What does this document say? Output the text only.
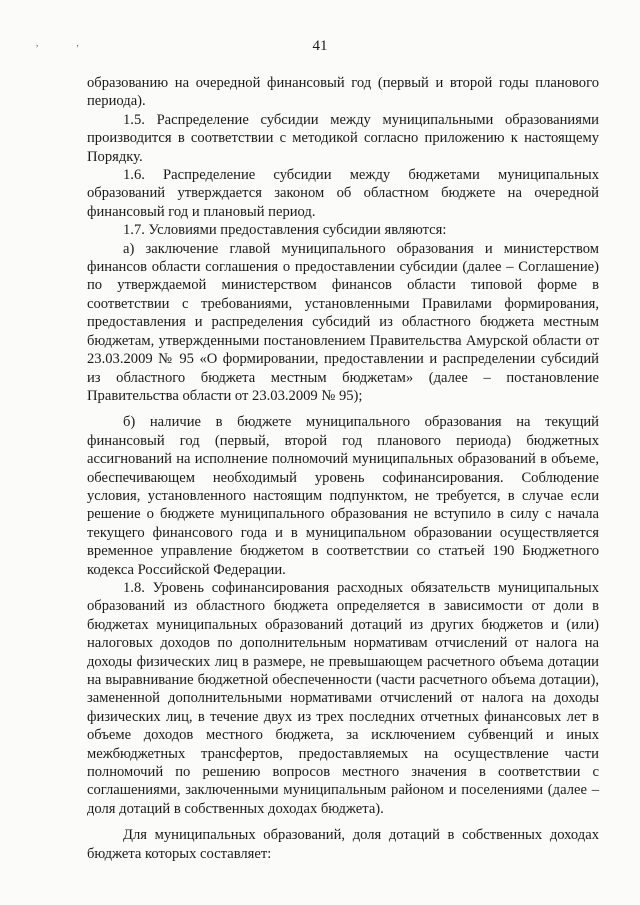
, ,	41

образованию на очередной финансовый год (первый и второй годы планового периода).

1.5. Распределение субсидии между муниципальными образованиями производится в соответствии с методикой согласно приложению к настоящему Порядку.

1.6. Распределение субсидии между бюджетами муниципальных образований утверждается законом об областном бюджете на очередной финансовый год и плановый период.

1.7. Условиями предоставления субсидии являются:

а) заключение главой муниципального образования и министерством финансов области соглашения о предоставлении субсидии (далее – Соглашение) по утверждаемой министерством финансов области типовой форме в соответствии с требованиями, установленными Правилами формирования, предоставления и распределения субсидий из областного бюджета местным бюджетам, утвержденными постановлением Правительства Амурской области от 23.03.2009 № 95 «О формировании, предоставлении и распределении субсидий из областного бюджета местным бюджетам» (далее – постановление Правительства области от 23.03.2009 № 95);

б) наличие в бюджете муниципального образования на текущий финансовый год (первый, второй год планового периода) бюджетных ассигнований на исполнение полномочий муниципальных образований в объеме, обеспечивающем необходимый уровень софинансирования. Соблюдение условия, установленного настоящим подпунктом, не требуется, в случае если решение о бюджете муниципального образования не вступило в силу с начала текущего финансового года и в муниципальном образовании осуществляется временное управление бюджетом в соответствии со статьей 190 Бюджетного кодекса Российской Федерации.

1.8. Уровень софинансирования расходных обязательств муниципальных образований из областного бюджета определяется в зависимости от доли в бюджетах муниципальных образований дотаций из других бюджетов и (или) налоговых доходов по дополнительным нормативам отчислений от налога на доходы физических лиц в размере, не превышающем расчетного объема дотации на выравнивание бюджетной обеспеченности (части расчетного объема дотации), замененной дополнительными нормативами отчислений от налога на доходы физических лиц, в течение двух из трех последних отчетных финансовых лет в объеме доходов местного бюджета, за исключением субвенций и иных межбюджетных трансфертов, предоставляемых на осуществление части полномочий по решению вопросов местного значения в соответствии с соглашениями, заключенными муниципальным районом и поселениями (далее – доля дотаций в собственных доходах бюджета).

Для муниципальных образований, доля дотаций в собственных доходах бюджета которых составляет:
